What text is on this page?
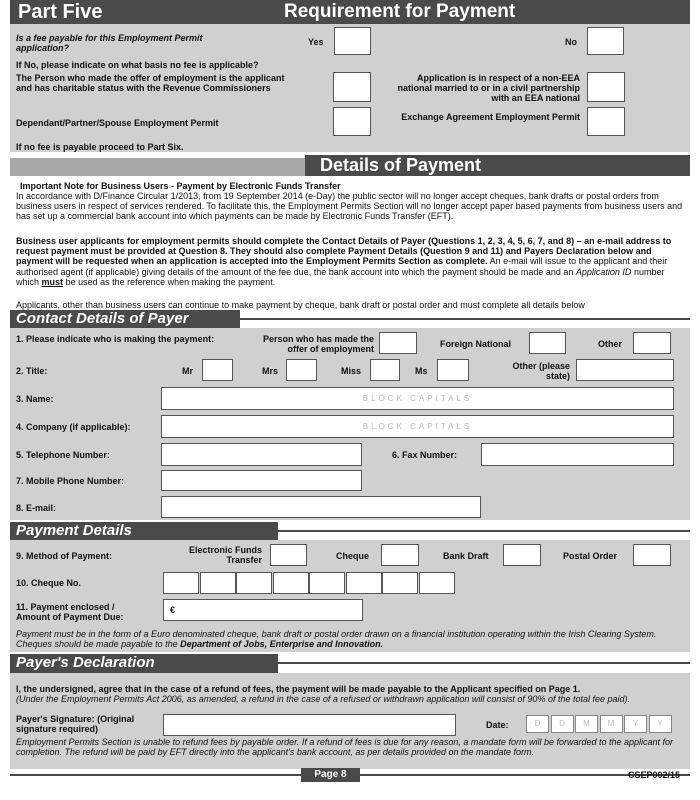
Part Five	Requirement for Payment
Is a fee payable for this Employment Permit application?
Yes	No
If No, please indicate on what basis no fee is applicable?
The Person who made the offer of employment is the applicant and has charitable status with the Revenue Commissioners
Application is in respect of a non-EEA national married to or in a civil partnership with an EEA national
Dependant/Partner/Spouse Employment Permit
Exchange Agreement Employment Permit
If no fee is payable proceed to Part Six.
Details of Payment
Important Note for Business Users - Payment by Electronic Funds Transfer
In accordance with D/Finance Circular 1/2013, from 19 September 2014 (e-Day) the public sector will no longer accept cheques, bank drafts or postal orders from business users in respect of services rendered. To facilitate this, the Employment Permits Section will no longer accept paper based payments from business users and has set up a commercial bank account into which payments can be made by Electronic Funds Transfer (EFT).
Business user applicants for employment permits should complete the Contact Details of Payer (Questions 1, 2, 3, 4, 5, 6, 7, and 8) – an e-mail address to request payment must be provided at Question 8. They should also complete Payment Details (Question 9 and 11) and Payers Declaration below and payment will be requested when an application is accepted into the Employment Permits Section as complete. An e-mail will issue to the applicant and their authorised agent (if applicable) giving details of the amount of the fee due, the bank account into which the payment should be made and an Application ID number which must be used as the reference when making the payment.
Applicants, other than business users can continue to make payment by cheque, bank draft or postal order and must complete all details below
Contact Details of Payer
1. Please indicate who is making the payment:	Person who has made the offer of employment	Foreign National	Other
2. Title:	Mr	Mrs	Miss	Ms	Other (please state)
3. Name:	BLOCK CAPITALS
4. Company (if applicable):	BLOCK CAPITALS
5. Telephone Number:	6. Fax Number:
7. Mobile Phone Number:
8. E-mail:
Payment Details
9. Method of Payment:
Electronic Funds Transfer	Cheque	Bank Draft	Postal Order
10. Cheque No.
11. Payment enclosed / Amount of Payment Due:
€
Payment must be in the form of a Euro denominated cheque, bank draft or postal order drawn on a financial institution operating within the Irish Clearing System. Cheques should be made payable to the Department of Jobs, Enterprise and Innovation.
Payer's Declaration
I, the undersigned, agree that in the case of a refund of fees, the payment will be made payable to the Applicant specified on Page 1.
(Under the Employment Permits Act 2006, as amended, a refund in the case of a refused or withdrawn application will consist of 90% of the total fee paid).
Payer's Signature: (Original signature required)	Date:	D	D	M	M	Y	Y
Employment Permits Section is unable to refund fees by payable order. If a refund of fees is due for any reason, a mandate form will be forwarded to the applicant for completion. The refund will be paid by EFT directly into the applicant's bank account, as per details provided on the mandate form.
Page 8	CSEP002/15
